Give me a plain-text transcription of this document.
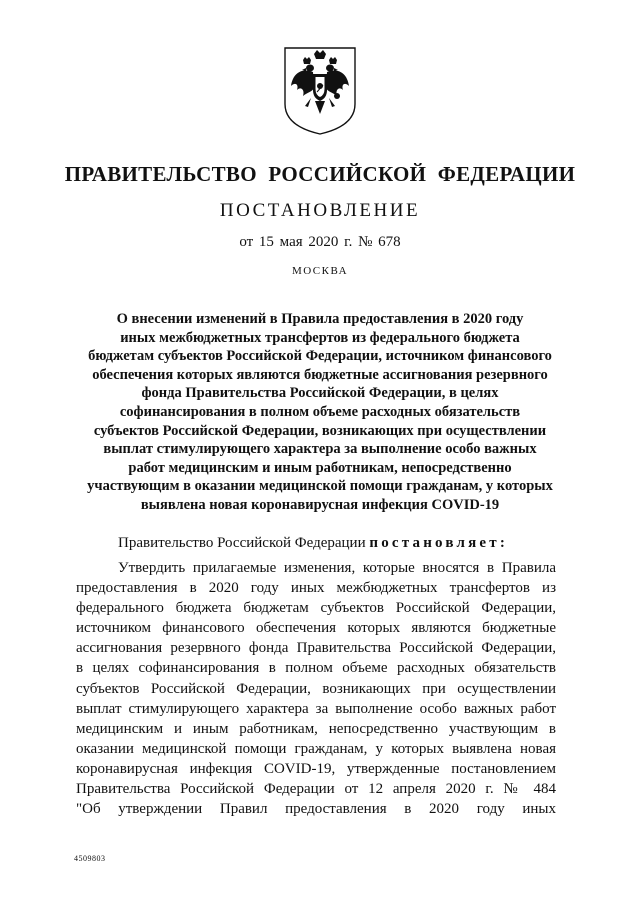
ПРАВИТЕЛЬСТВО РОССИЙСКОЙ ФЕДЕРАЦИИ
ПОСТАНОВЛЕНИЕ
от 15 мая 2020 г. № 678
МОСКВА
О внесении изменений в Правила предоставления в 2020 году
иных межбюджетных трансфертов из федерального бюджета
бюджетам субъектов Российской Федерации, источником финансового
обеспечения которых являются бюджетные ассигнования резервного
фонда Правительства Российской Федерации, в целях
софинансирования в полном объеме расходных обязательств
субъектов Российской Федерации, возникающих при осуществлении
выплат стимулирующего характера за выполнение особо важных
работ медицинским и иным работникам, непосредственно
участвующим в оказании медицинской помощи гражданам, у которых
выявлена новая коронавирусная инфекция COVID-19
Правительство Российской Федерации постановляет:
Утвердить прилагаемые изменения, которые вносятся в Правила
предоставления в 2020 году иных межбюджетных трансфертов из
федерального бюджета бюджетам субъектов Российской Федерации,
источником финансового обеспечения которых являются бюджетные
ассигнования резервного фонда Правительства Российской Федерации,
в целях софинансирования в полном объеме расходных обязательств
субъектов Российской Федерации, возникающих при осуществлении
выплат стимулирующего характера за выполнение особо важных работ
медицинским и иным работникам, непосредственно участвующим в
оказании медицинской помощи гражданам, у которых выявлена новая
коронавирусная инфекция COVID-19, утвержденные постановлением
Правительства Российской Федерации от 12 апреля 2020 г. № 484
"Об утверждении Правил предоставления в 2020 году иных
4509803
